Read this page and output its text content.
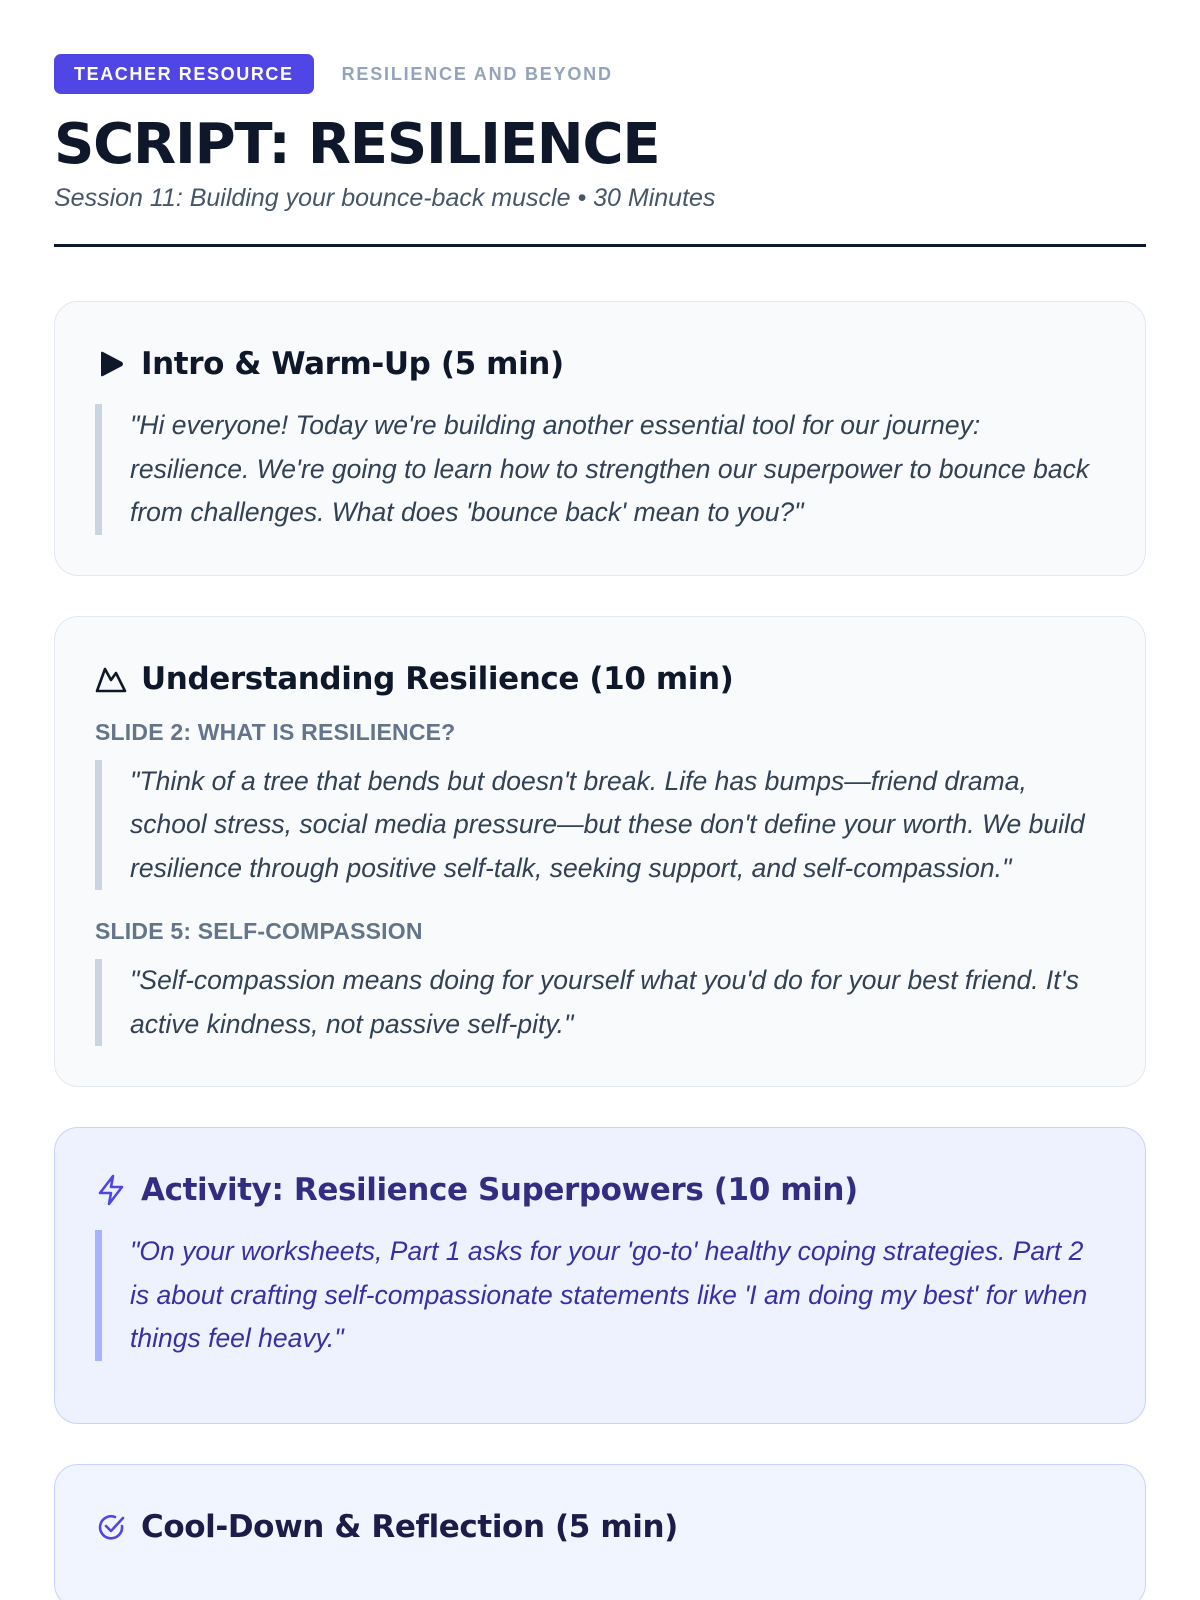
TEACHER RESOURCE	RESILIENCE AND BEYOND
SCRIPT: RESILIENCE
Session 11: Building your bounce-back muscle • 30 Minutes
Intro & Warm-Up (5 min)
"Hi everyone! Today we're building another essential tool for our journey: resilience. We're going to learn how to strengthen our superpower to bounce back from challenges. What does 'bounce back' mean to you?"
Understanding Resilience (10 min)
SLIDE 2: WHAT IS RESILIENCE?
"Think of a tree that bends but doesn't break. Life has bumps—friend drama, school stress, social media pressure—but these don't define your worth. We build resilience through positive self-talk, seeking support, and self-compassion."
SLIDE 5: SELF-COMPASSION
"Self-compassion means doing for yourself what you'd do for your best friend. It's active kindness, not passive self-pity."
Activity: Resilience Superpowers (10 min)
"On your worksheets, Part 1 asks for your 'go-to' healthy coping strategies. Part 2 is about crafting self-compassionate statements like 'I am doing my best' for when things feel heavy."
Cool-Down & Reflection (5 min)
